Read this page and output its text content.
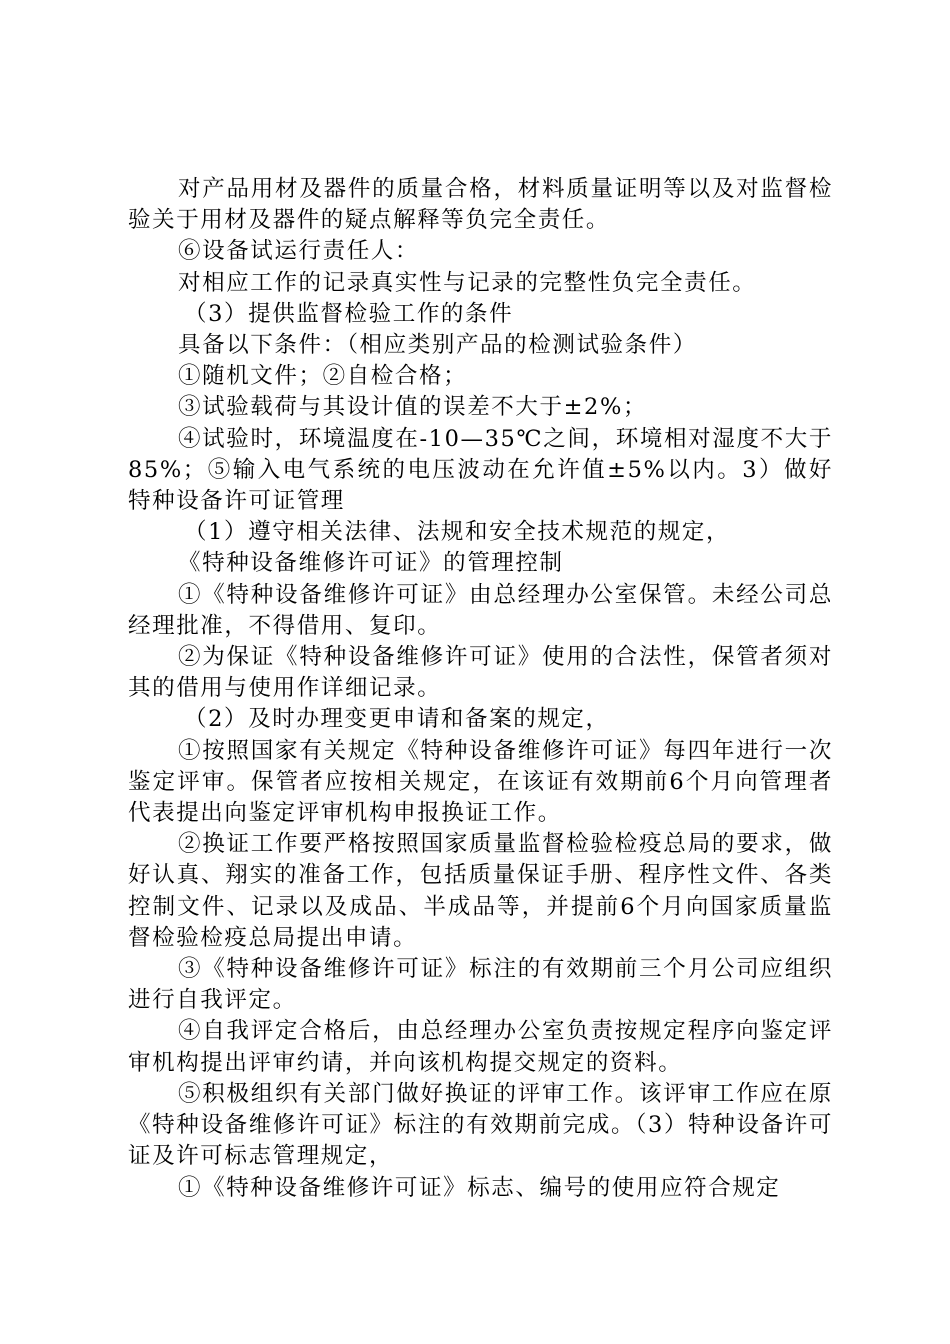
对产品用材及器件的质量合格，材料质量证明等以及对监督检验关于用材及器件的疑点解释等负完全责任。

⑥设备试运行责任人：

对相应工作的记录真实性与记录的完整性负完全责任。

（3）提供监督检验工作的条件

具备以下条件：（相应类别产品的检测试验条件）

①随机文件；②自检合格；

③试验载荷与其设计值的误差不大于±2%；

④试验时，环境温度在-10—35℃之间，环境相对湿度不大于85%；⑤输入电气系统的电压波动在允许值±5%以内。3）做好特种设备许可证管理

（1）遵守相关法律、法规和安全技术规范的规定，

《特种设备维修许可证》的管理控制

①《特种设备维修许可证》由总经理办公室保管。未经公司总经理批准，不得借用、复印。

②为保证《特种设备维修许可证》使用的合法性，保管者须对其的借用与使用作详细记录。

（2）及时办理变更申请和备案的规定，

①按照国家有关规定《特种设备维修许可证》每四年进行一次鉴定评审。保管者应按相关规定，在该证有效期前6个月向管理者代表提出向鉴定评审机构申报换证工作。

②换证工作要严格按照国家质量监督检验检疫总局的要求，做好认真、翔实的准备工作，包括质量保证手册、程序性文件、各类控制文件、记录以及成品、半成品等，并提前6个月向国家质量监督检验检疫总局提出申请。

③《特种设备维修许可证》标注的有效期前三个月公司应组织进行自我评定。

④自我评定合格后，由总经理办公室负责按规定程序向鉴定评审机构提出评审约请，并向该机构提交规定的资料。

⑤积极组织有关部门做好换证的评审工作。该评审工作应在原《特种设备维修许可证》标注的有效期前完成。（3）特种设备许可证及许可标志管理规定，

①《特种设备维修许可证》标志、编号的使用应符合规定
